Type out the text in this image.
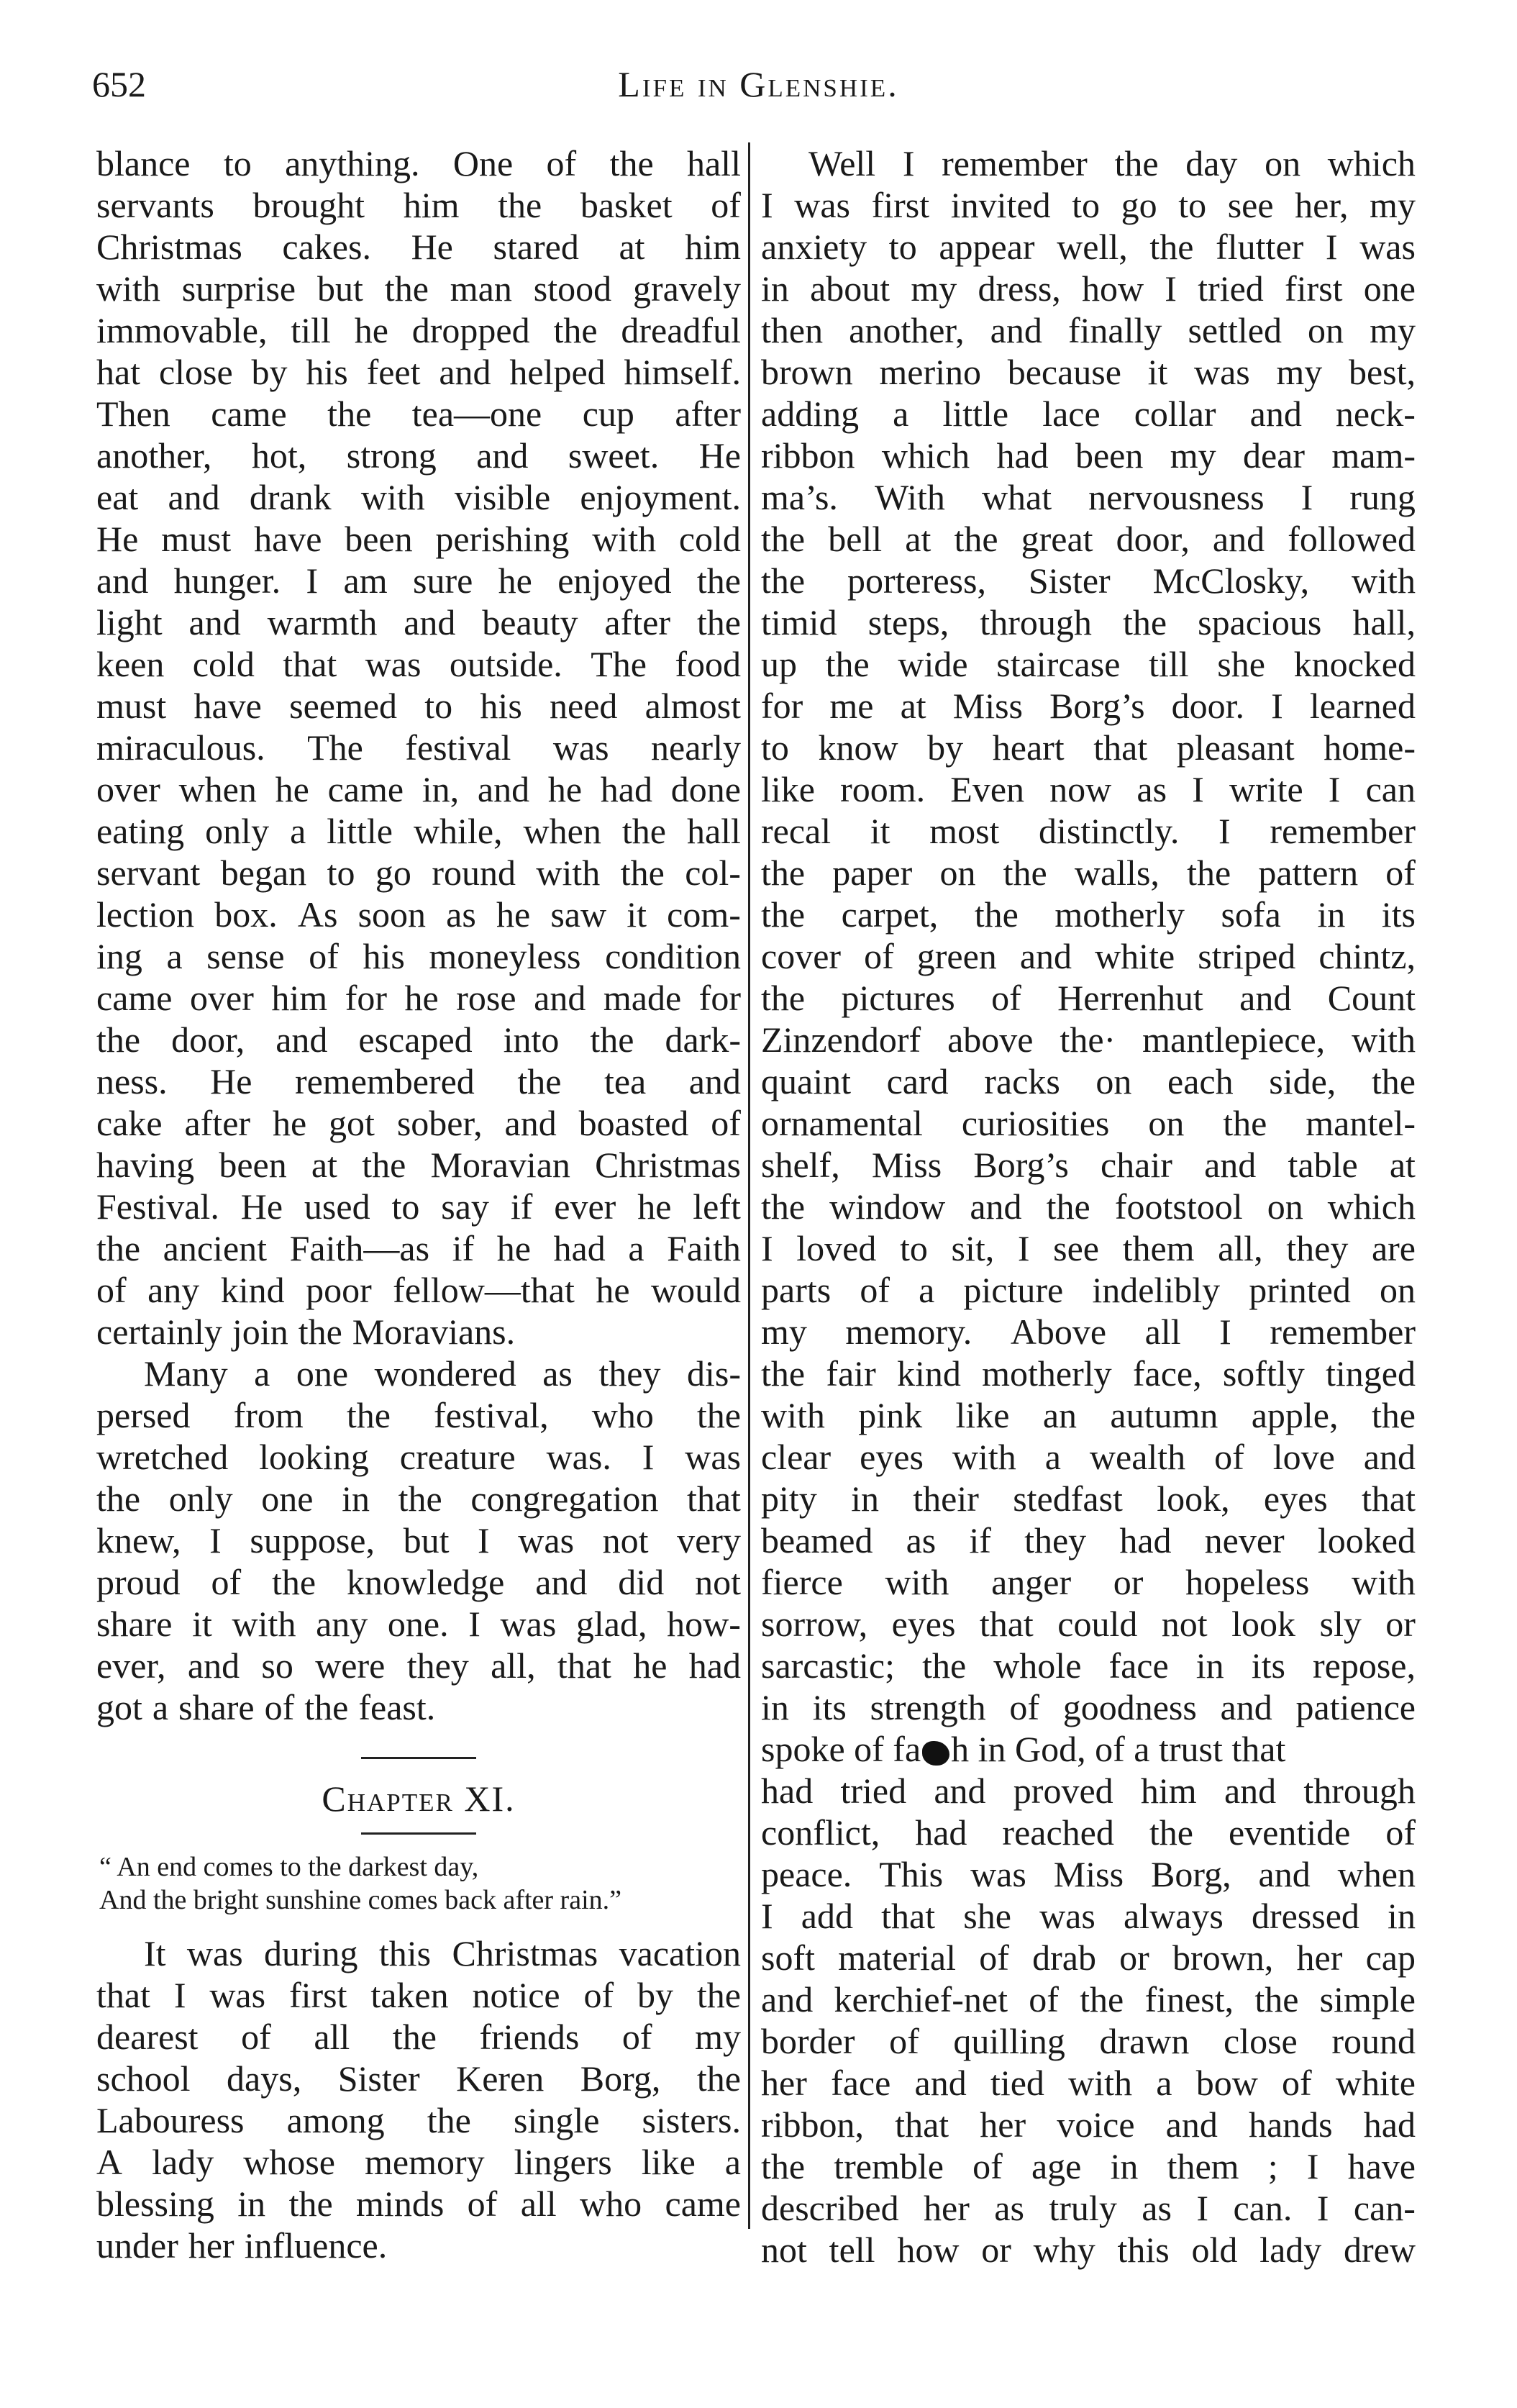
652	Life in Glenshie.
blance to anything. One of the hall
servants brought him the basket of
Christmas cakes. He stared at him
with surprise but the man stood gravely
immovable, till he dropped the dreadful
hat close by his feet and helped himself.
Then came the tea—one cup after
another, hot, strong and sweet. He
eat and drank with visible enjoyment.
He must have been perishing with cold
and hunger. I am sure he enjoyed the
light and warmth and beauty after the
keen cold that was outside. The food
must have seemed to his need almost
miraculous. The festival was nearly
over when he came in, and he had done
eating only a little while, when the hall
servant began to go round with the col-
lection box. As soon as he saw it com-
ing a sense of his moneyless condition
came over him for he rose and made for
the door, and escaped into the dark-
ness. He remembered the tea and
cake after he got sober, and boasted of
having been at the Moravian Christmas
Festival. He used to say if ever he left
the ancient Faith—as if he had a Faith
of any kind poor fellow—that he would
certainly join the Moravians.
Many a one wondered as they dis-
persed from the festival, who the
wretched looking creature was. I was
the only one in the congregation that
knew, I suppose, but I was not very
proud of the knowledge and did not
share it with any one. I was glad, how-
ever, and so were they all, that he had
got a share of the feast.
Chapter XI.
“ An end comes to the darkest day,
And the bright sunshine comes back after rain.”
It was during this Christmas vacation
that I was first taken notice of by the
dearest of all the friends of my
school days, Sister Keren Borg, the
Labouress among the single sisters.
A lady whose memory lingers like a
blessing in the minds of all who came
under her influence.
Well I remember the day on which
I was first invited to go to see her, my
anxiety to appear well, the flutter I was
in about my dress, how I tried first one
then another, and finally settled on my
brown merino because it was my best,
adding a little lace collar and neck-
ribbon which had been my dear mam-
ma’s. With what nervousness I rung
the bell at the great door, and followed
the porteress, Sister McClosky, with
timid steps, through the spacious hall,
up the wide staircase till she knocked
for me at Miss Borg’s door. I learned
to know by heart that pleasant home-
like room. Even now as I write I can
recal it most distinctly. I remember
the paper on the walls, the pattern of
the carpet, the motherly sofa in its
cover of green and white striped chintz,
the pictures of Herrenhut and Count
Zinzendorf above the· mantlepiece, with
quaint card racks on each side, the
ornamental curiosities on the mantel-
shelf, Miss Borg’s chair and table at
the window and the footstool on which
I loved to sit, I see them all, they are
parts of a picture indelibly printed on
my memory. Above all I remember
the fair kind motherly face, softly tinged
with pink like an autumn apple, the
clear eyes with a wealth of love and
pity in their stedfast look, eyes that
beamed as if they had never looked
fierce with anger or hopeless with
sorrow, eyes that could not look sly or
sarcastic; the whole face in its repose,
in its strength of goodness and patience
spoke of fa h in God, of a trust that
had tried and proved him and through
conflict, had reached the eventide of
peace. This was Miss Borg, and when
I add that she was always dressed in
soft material of drab or brown, her cap
and kerchief-net of the finest, the simple
border of quilling drawn close round
her face and tied with a bow of white
ribbon, that her voice and hands had
the tremble of age in them ; I have
described her as truly as I can. I can-
not tell how or why this old lady drew
